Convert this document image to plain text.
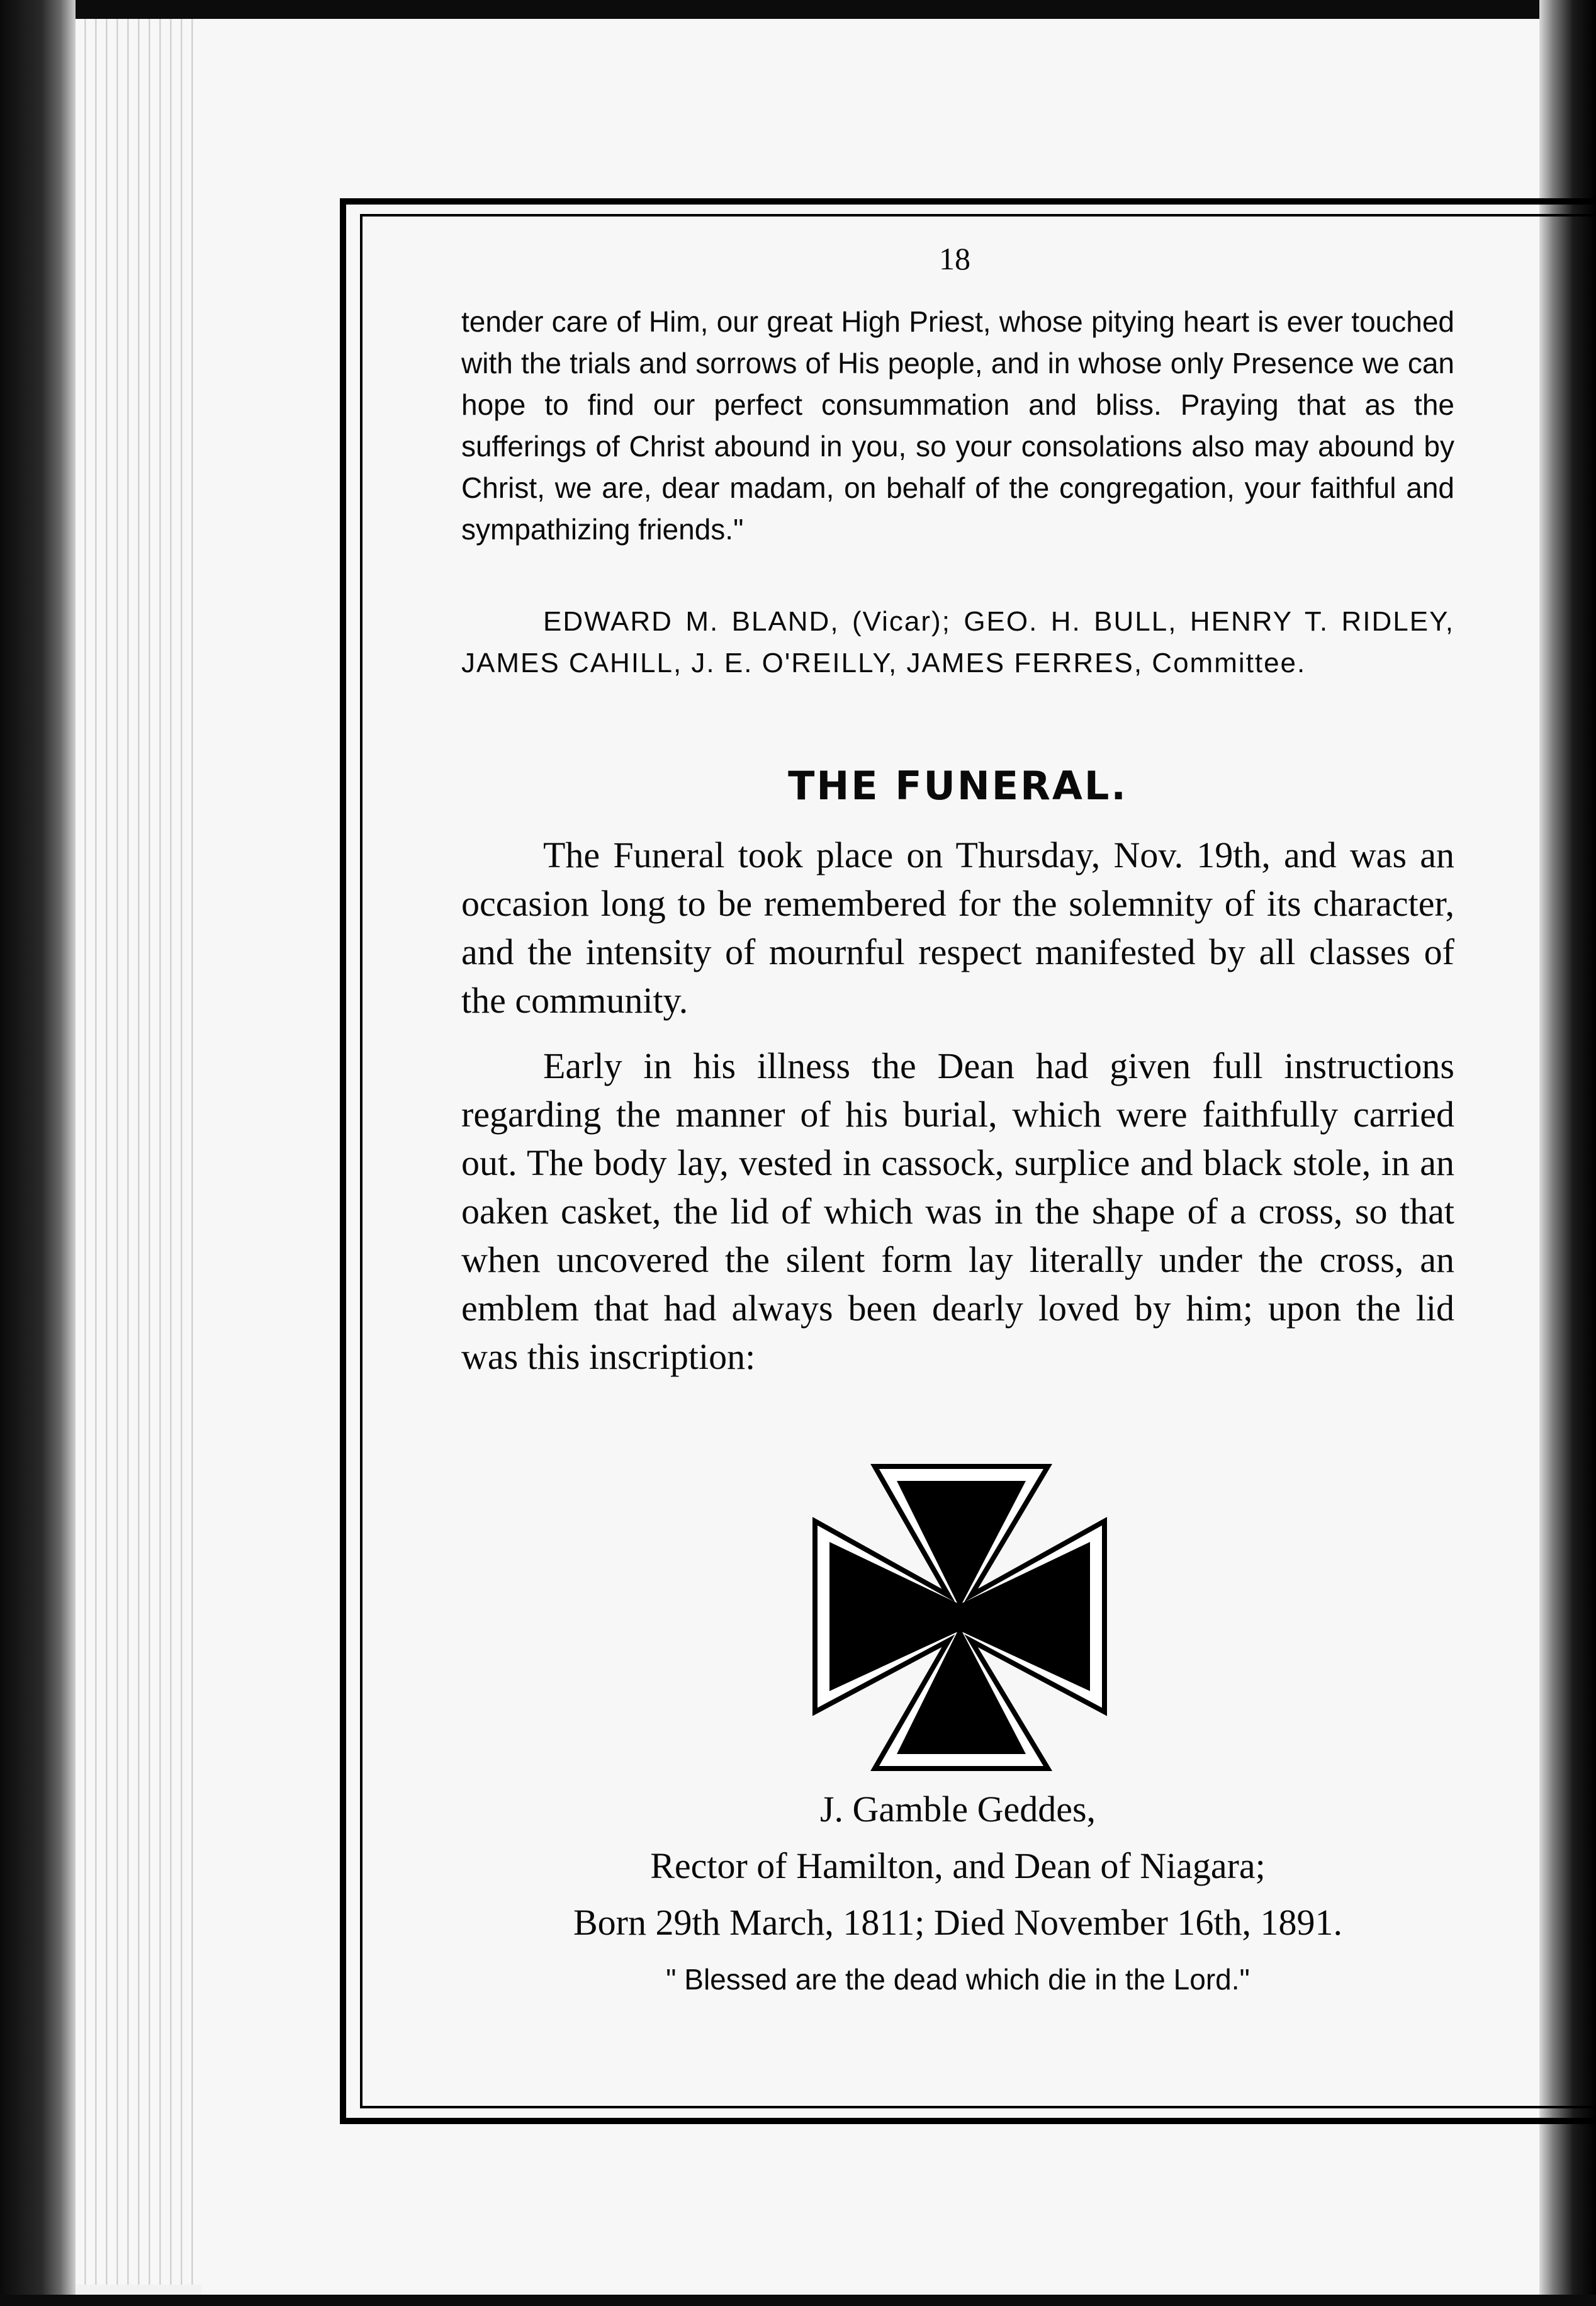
18

tender care of Him, our great High Priest, whose pitying heart is ever touched with the trials and sorrows of His people, and in whose only Presence we can hope to find our perfect consummation and bliss. Praying that as the sufferings of Christ abound in you, so your consolations also may abound by Christ, we are, dear madam, on behalf of the congregation, your faithful and sympathizing friends."

EDWARD M. BLAND, (Vicar); GEO. H. BULL, HENRY T. RIDLEY, JAMES CAHILL, J. E. O'REILLY, JAMES FERRES, Committee.

THE FUNERAL.

The Funeral took place on Thursday, Nov. 19th, and was an occasion long to be remembered for the solemnity of its character, and the intensity of mournful respect manifested by all classes of the community.

Early in his illness the Dean had given full instructions regarding the manner of his burial, which were faithfully carried out. The body lay, vested in cassock, surplice and black stole, in an oaken casket, the lid of which was in the shape of a cross, so that when uncovered the silent form lay literally under the cross, an emblem that had always been dearly loved by him; upon the lid was this inscription:

J. Gamble Geddes,
Rector of Hamilton, and Dean of Niagara;
Born 29th March, 1811; Died November 16th, 1891.
" Blessed are the dead which die in the Lord."
